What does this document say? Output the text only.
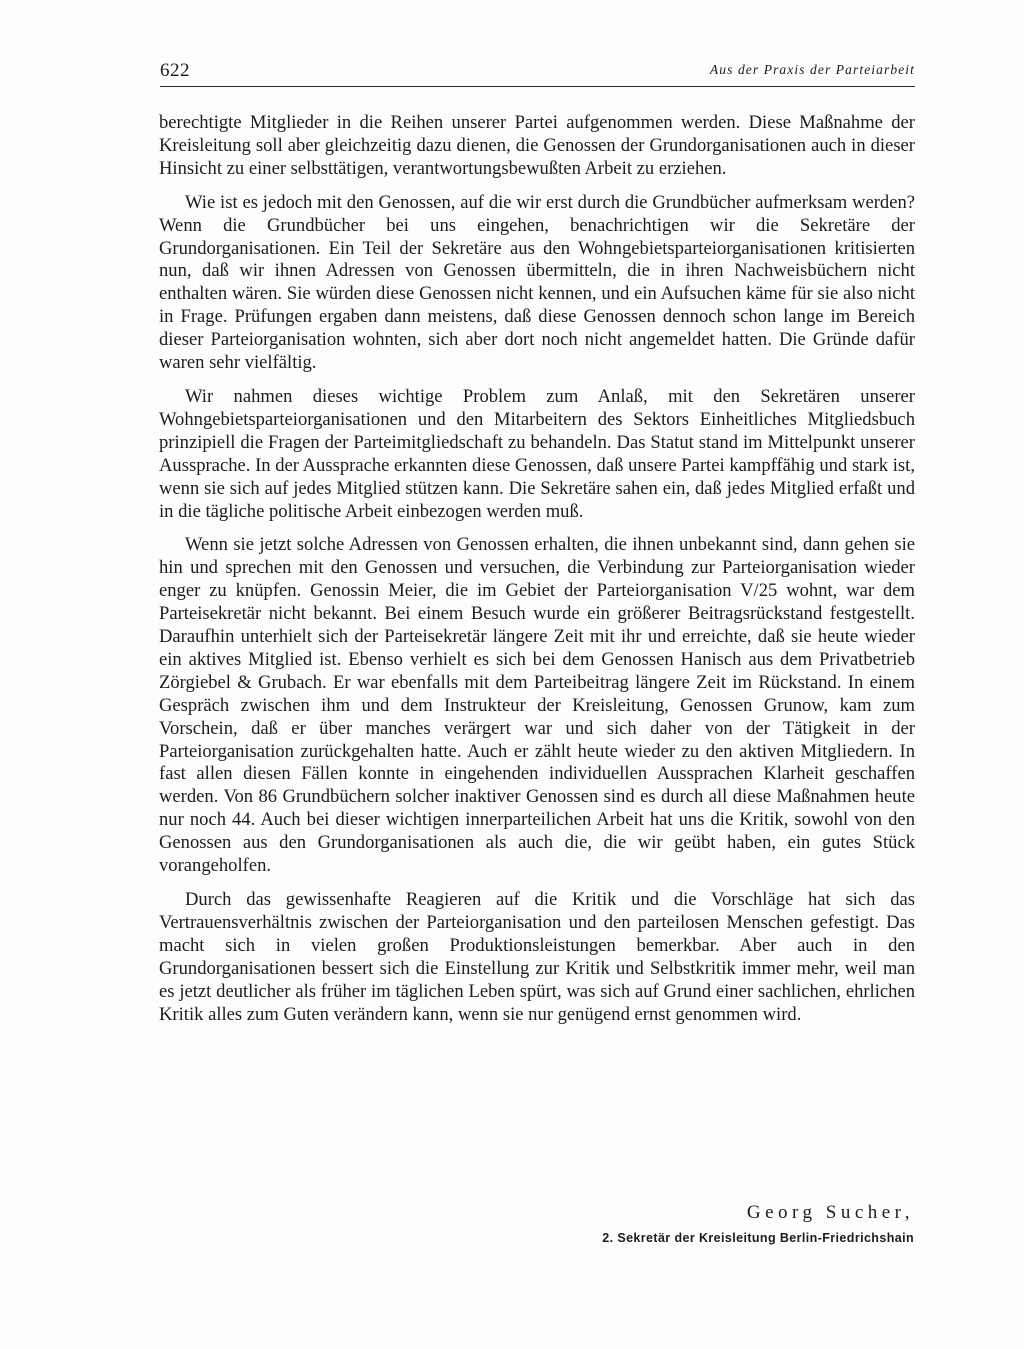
622	Aus der Praxis der Parteiarbeit

berechtigte Mitglieder in die Reihen unserer Partei aufgenommen werden. Diese Maßnahme der Kreisleitung soll aber gleichzeitig dazu dienen, die Genossen der Grundorganisationen auch in dieser Hinsicht zu einer selbsttätigen, verantwortungsbewußten Arbeit zu erziehen.

Wie ist es jedoch mit den Genossen, auf die wir erst durch die Grundbücher aufmerksam werden? Wenn die Grundbücher bei uns eingehen, benachrichtigen wir die Sekretäre der Grundorganisationen. Ein Teil der Sekretäre aus den Wohngebietsparteiorganisationen kritisierten nun, daß wir ihnen Adressen von Genossen übermitteln, die in ihren Nachweisbüchern nicht enthalten wären. Sie würden diese Genossen nicht kennen, und ein Aufsuchen käme für sie also nicht in Frage. Prüfungen ergaben dann meistens, daß diese Genossen dennoch schon lange im Bereich dieser Parteiorganisation wohnten, sich aber dort noch nicht angemeldet hatten. Die Gründe dafür waren sehr vielfältig.

Wir nahmen dieses wichtige Problem zum Anlaß, mit den Sekretären unserer Wohngebietsparteiorganisationen und den Mitarbeitern des Sektors Einheitliches Mitgliedsbuch prinzipiell die Fragen der Parteimitgliedschaft zu behandeln. Das Statut stand im Mittelpunkt unserer Aussprache. In der Aussprache erkannten diese Genossen, daß unsere Partei kampffähig und stark ist, wenn sie sich auf jedes Mitglied stützen kann. Die Sekretäre sahen ein, daß jedes Mitglied erfaßt und in die tägliche politische Arbeit einbezogen werden muß.

Wenn sie jetzt solche Adressen von Genossen erhalten, die ihnen unbekannt sind, dann gehen sie hin und sprechen mit den Genossen und versuchen, die Verbindung zur Parteiorganisation wieder enger zu knüpfen. Genossin Meier, die im Gebiet der Parteiorganisation V/25 wohnt, war dem Parteisekretär nicht bekannt. Bei einem Besuch wurde ein größerer Beitragsrückstand festgestellt. Daraufhin unterhielt sich der Parteisekretär längere Zeit mit ihr und erreichte, daß sie heute wieder ein aktives Mitglied ist. Ebenso verhielt es sich bei dem Genossen Hanisch aus dem Privatbetrieb Zörgiebel & Grubach. Er war ebenfalls mit dem Parteibeitrag längere Zeit im Rückstand. In einem Gespräch zwischen ihm und dem Instrukteur der Kreisleitung, Genossen Grunow, kam zum Vorschein, daß er über manches verärgert war und sich daher von der Tätigkeit in der Parteiorganisation zurückgehalten hatte. Auch er zählt heute wieder zu den aktiven Mitgliedern. In fast allen diesen Fällen konnte in eingehenden individuellen Aussprachen Klarheit geschaffen werden. Von 86 Grundbüchern solcher inaktiver Genossen sind es durch all diese Maßnahmen heute nur noch 44. Auch bei dieser wichtigen innerparteilichen Arbeit hat uns die Kritik, sowohl von den Genossen aus den Grundorganisationen als auch die, die wir geübt haben, ein gutes Stück vorangeholfen.

Durch das gewissenhafte Reagieren auf die Kritik und die Vorschläge hat sich das Vertrauensverhältnis zwischen der Parteiorganisation und den parteilosen Menschen gefestigt. Das macht sich in vielen großen Produktionsleistungen bemerkbar. Aber auch in den Grundorganisationen bessert sich die Einstellung zur Kritik und Selbstkritik immer mehr, weil man es jetzt deutlicher als früher im täglichen Leben spürt, was sich auf Grund einer sachlichen, ehrlichen Kritik alles zum Guten verändern kann, wenn sie nur genügend ernst genommen wird.

Georg Sucher,
2. Sekretär der Kreisleitung Berlin-Friedrichshain
